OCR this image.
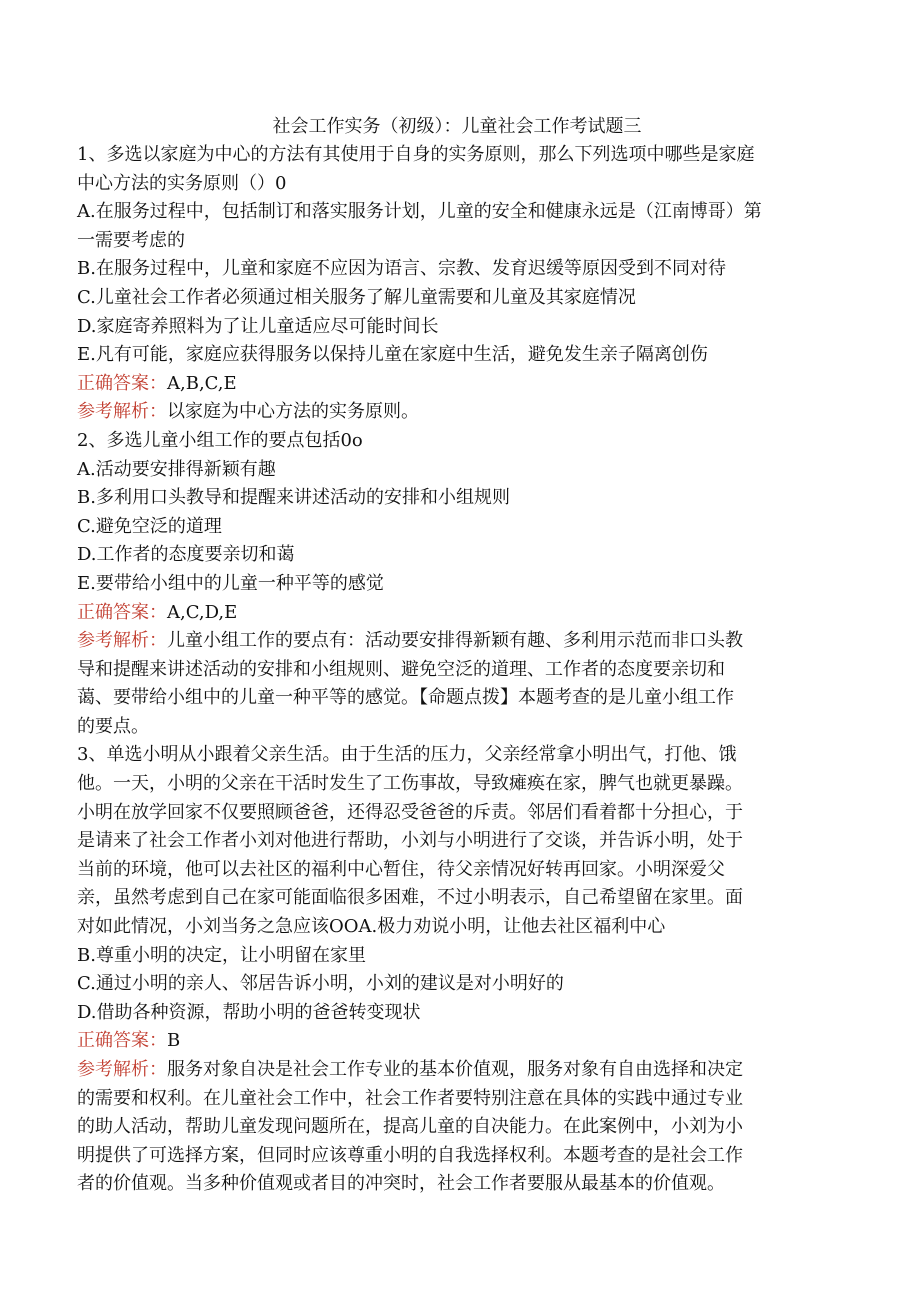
社会工作实务（初级）：儿童社会工作考试题三
1、多选以家庭为中心的方法有其使用于自身的实务原则，那么下列选项中哪些是家庭
中心方法的实务原则（）0
A.在服务过程中，包括制订和落实服务计划，儿童的安全和健康永远是（江南博哥）第
一需要考虑的
B.在服务过程中，儿童和家庭不应因为语言、宗教、发育迟缓等原因受到不同对待
C.儿童社会工作者必须通过相关服务了解儿童需要和儿童及其家庭情况
D.家庭寄养照料为了让儿童适应尽可能时间长
E.凡有可能，家庭应获得服务以保持儿童在家庭中生活，避免发生亲子隔离创伤
正确答案：A,B,C,E
参考解析：以家庭为中心方法的实务原则。
2、多选儿童小组工作的要点包括0o
A.活动要安排得新颖有趣
B.多利用口头教导和提醒来讲述活动的安排和小组规则
C.避免空泛的道理
D.工作者的态度要亲切和蔼
E.要带给小组中的儿童一种平等的感觉
正确答案：A,C,D,E
参考解析：儿童小组工作的要点有：活动要安排得新颖有趣、多利用示范而非口头教
导和提醒来讲述活动的安排和小组规则、避免空泛的道理、工作者的态度要亲切和
蔼、要带给小组中的儿童一种平等的感觉。【命题点拨】本题考查的是儿童小组工作
的要点。
3、单选小明从小跟着父亲生活。由于生活的压力，父亲经常拿小明出气，打他、饿
他。一天，小明的父亲在干活时发生了工伤事故，导致瘫痪在家，脾气也就更暴躁。
小明在放学回家不仅要照顾爸爸，还得忍受爸爸的斥责。邻居们看着都十分担心，于
是请来了社会工作者小刘对他进行帮助，小刘与小明进行了交谈，并告诉小明，处于
当前的环境，他可以去社区的福利中心暂住，待父亲情况好转再回家。小明深爱父
亲，虽然考虑到自己在家可能面临很多困难，不过小明表示，自己希望留在家里。面
对如此情况，小刘当务之急应该OOA.极力劝说小明，让他去社区福利中心
B.尊重小明的决定，让小明留在家里
C.通过小明的亲人、邻居告诉小明，小刘的建议是对小明好的
D.借助各种资源，帮助小明的爸爸转变现状
正确答案：B
参考解析：服务对象自决是社会工作专业的基本价值观，服务对象有自由选择和决定
的需要和权利。在儿童社会工作中，社会工作者要特别注意在具体的实践中通过专业
的助人活动，帮助儿童发现问题所在，提高儿童的自决能力。在此案例中，小刘为小
明提供了可选择方案，但同时应该尊重小明的自我选择权利。本题考查的是社会工作
者的价值观。当多种价值观或者目的冲突时，社会工作者要服从最基本的价值观。
